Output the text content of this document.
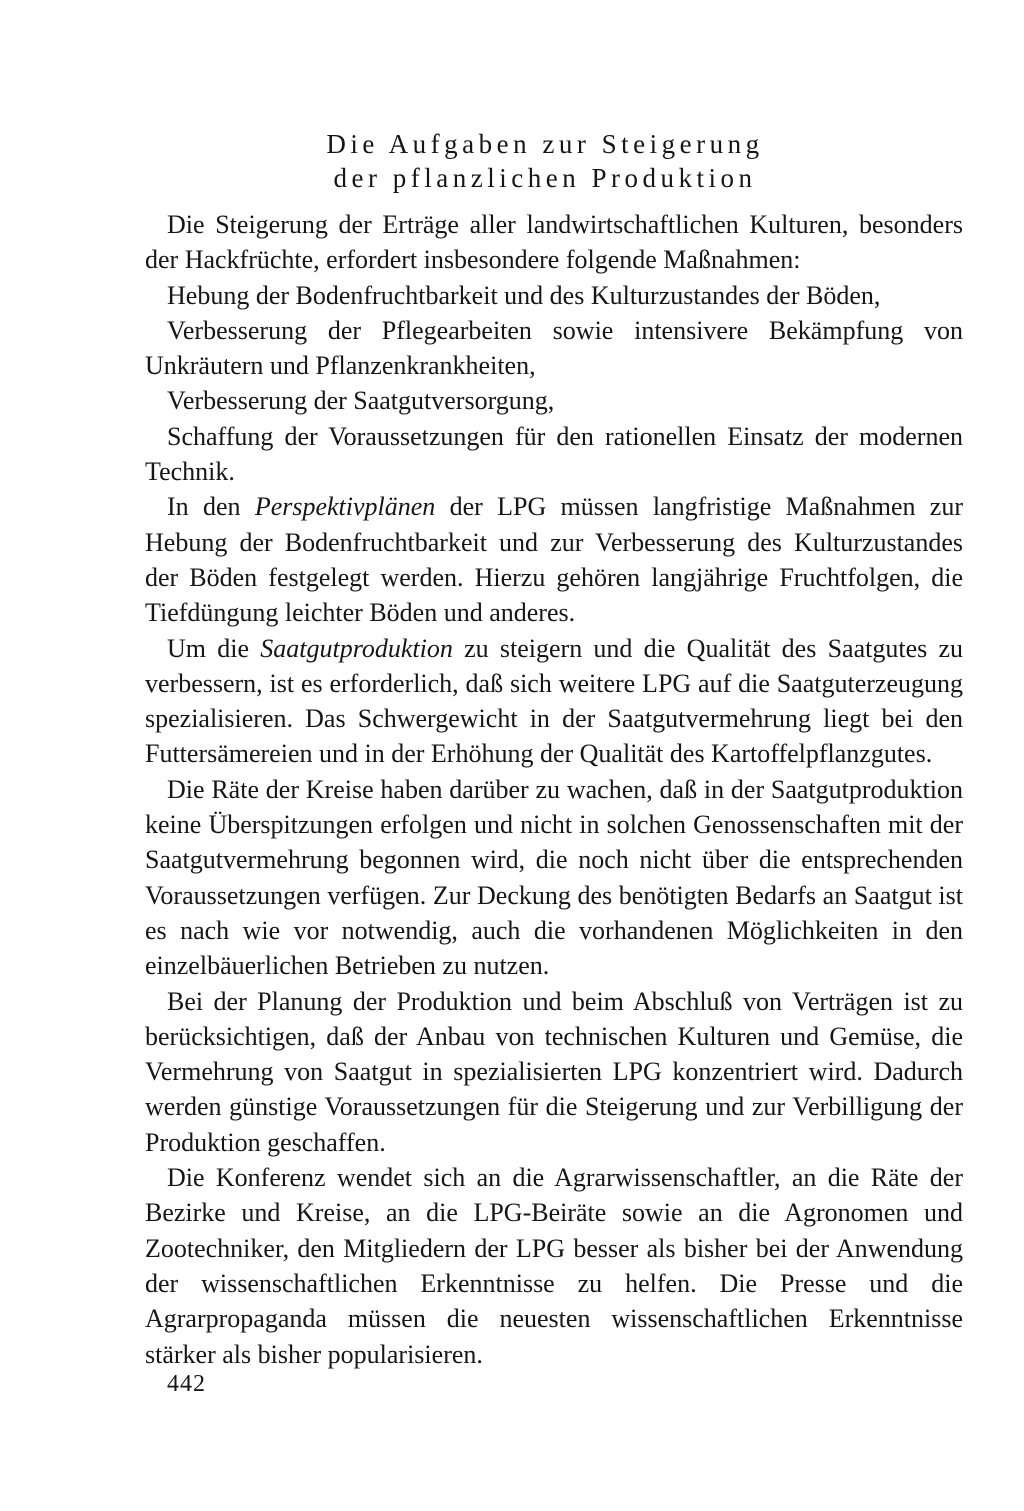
Die Aufgaben zur Steigerung
der pflanzlichen Produktion

Die Steigerung der Erträge aller landwirtschaftlichen Kulturen, besonders der Hackfrüchte, erfordert insbesondere folgende Maßnahmen:

Hebung der Bodenfruchtbarkeit und des Kulturzustandes der Böden,

Verbesserung der Pflegearbeiten sowie intensivere Bekämpfung von Unkräutern und Pflanzenkrankheiten,

Verbesserung der Saatgutversorgung,

Schaffung der Voraussetzungen für den rationellen Einsatz der modernen Technik.

In den Perspektivplänen der LPG müssen langfristige Maßnahmen zur Hebung der Bodenfruchtbarkeit und zur Verbesserung des Kulturzustandes der Böden festgelegt werden. Hierzu gehören langjährige Fruchtfolgen, die Tiefdüngung leichter Böden und anderes.

Um die Saatgutproduktion zu steigern und die Qualität des Saatgutes zu verbessern, ist es erforderlich, daß sich weitere LPG auf die Saatguterzeugung spezialisieren. Das Schwergewicht in der Saatgutvermehrung liegt bei den Futtersämereien und in der Erhöhung der Qualität des Kartoffelpflanzgutes.

Die Räte der Kreise haben darüber zu wachen, daß in der Saatgutproduktion keine Überspitzungen erfolgen und nicht in solchen Genossenschaften mit der Saatgutvermehrung begonnen wird, die noch nicht über die entsprechenden Voraussetzungen verfügen. Zur Deckung des benötigten Bedarfs an Saatgut ist es nach wie vor notwendig, auch die vorhandenen Möglichkeiten in den einzelbäuerlichen Betrieben zu nutzen.

Bei der Planung der Produktion und beim Abschluß von Verträgen ist zu berücksichtigen, daß der Anbau von technischen Kulturen und Gemüse, die Vermehrung von Saatgut in spezialisierten LPG konzentriert wird. Dadurch werden günstige Voraussetzungen für die Steigerung und zur Verbilligung der Produktion geschaffen.

Die Konferenz wendet sich an die Agrarwissenschaftler, an die Räte der Bezirke und Kreise, an die LPG-Beiräte sowie an die Agronomen und Zootechniker, den Mitgliedern der LPG besser als bisher bei der Anwendung der wissenschaftlichen Erkenntnisse zu helfen. Die Presse und die Agrarpropaganda müssen die neuesten wissenschaftlichen Erkenntnisse stärker als bisher popularisieren.

442
